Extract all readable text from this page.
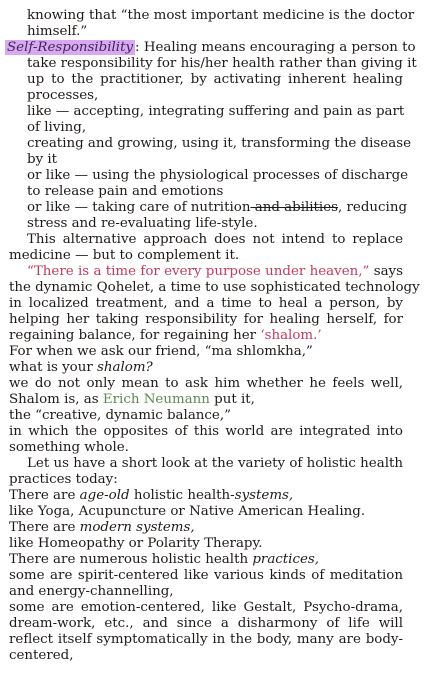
knowing that “the most important medicine is the doctor
himself.”
Self-Responsibility : Healing means encouraging a person to
take responsibility for his/her health rather than giving it
up to the practitioner, by activating inherent healing
processes,
like — accepting, integrating suffering and pain as part
of living,
creating and growing, using it, transforming the disease
by it
or like — using the physiological processes of discharge
to release pain and emotions
or like — taking care of nutrition and abilities, reducing
stress and re-evaluating life-style.
This alternative approach does not intend to replace
medicine — but to complement it.
“There is a time for every purpose under heaven,” says
the dynamic Qohelet, a time to use sophisticated technology
in localized treatment, and a time to heal a person, by
helping her taking responsibility for healing herself, for
regaining balance, for regaining her ‘shalom.’
For when we ask our friend, “ma shlomkha,”
what is your shalom?
we do not only mean to ask him whether he feels well,
Shalom is, as Erich Neumann put it,
the “creative, dynamic balance,”
in which the opposites of this world are integrated into
something whole.
Let us have a short look at the variety of holistic health
practices today:
There are age-old holistic health-systems,
like Yoga, Acupuncture or Native American Healing.
There are modern systems,
like Homeopathy or Polarity Therapy.
There are numerous holistic health practices,
some are spirit-centered like various kinds of meditation
and energy-channelling,
some are emotion-centered, like Gestalt, Psycho-drama,
dream-work, etc., and since a disharmony of life will
reflect itself symptomatically in the body, many are body-
centered,
